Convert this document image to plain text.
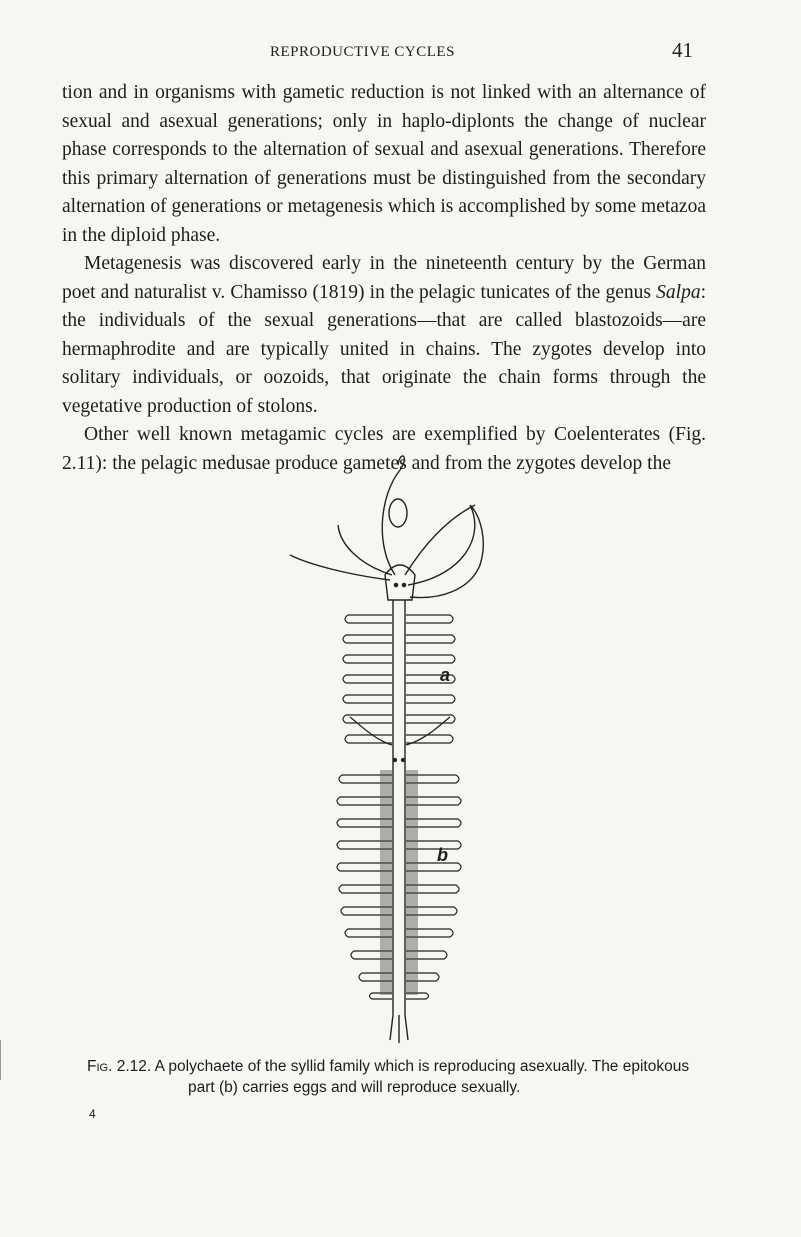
REPRODUCTIVE CYCLES	41

tion and in organisms with gametic reduction is not linked with an alternance of sexual and asexual generations; only in haplo-diplonts the change of nuclear phase corresponds to the alternation of sexual and asexual generations. Therefore this primary alternation of generations must be distinguished from the secondary alternation of generations or metagenesis which is accomplished by some metazoa in the diploid phase.

Metagenesis was discovered early in the nineteenth century by the German poet and naturalist v. Chamisso (1819) in the pelagic tunicates of the genus Salpa: the individuals of the sexual generations—that are called blastozoids—are hermaphrodite and are typically united in chains. The zygotes develop into solitary individuals, or oozoids, that originate the chain forms through the vegetative production of stolons.

Other well known metagamic cycles are exemplified by Coelenterates (Fig. 2.11): the pelagic medusae produce gametes and from the zygotes develop the

a
b
Fig. 2.12. A polychaete of the syllid family which is reproducing asexually. The epitokous
part (b) carries eggs and will reproduce sexually.
4
